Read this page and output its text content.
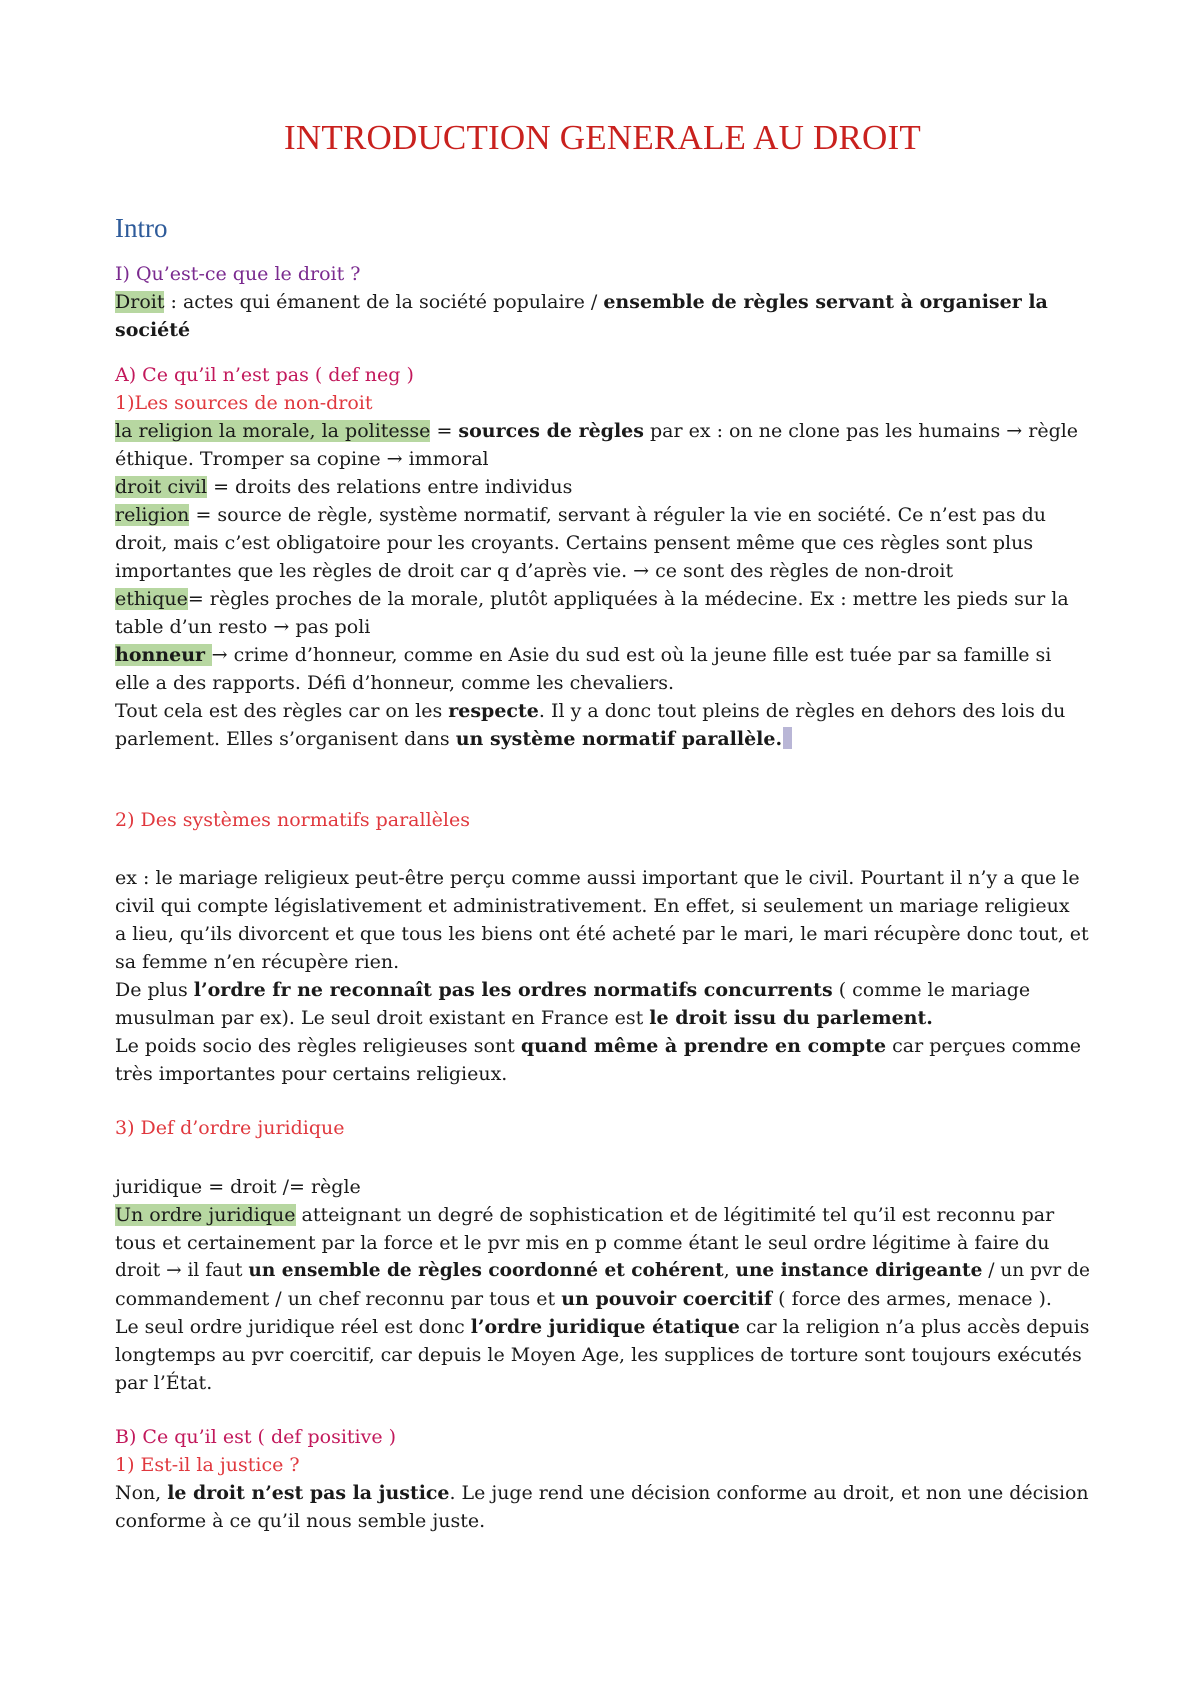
INTRODUCTION GENERALE AU DROIT
Intro

I) Qu’est-ce que le droit ?

Droit : actes qui émanent de la société populaire / ensemble de règles servant à organiser la

société

A) Ce qu’il n’est pas ( def neg )

1)Les sources de non-droit

la religion la morale, la politesse = sources de règles par ex : on ne clone pas les humains → règle

éthique. Tromper sa copine → immoral

droit civil = droits des relations entre individus

religion = source de règle, système normatif, servant à réguler la vie en société. Ce n’est pas du

droit, mais c’est obligatoire pour les croyants. Certains pensent même que ces règles sont plus

importantes que les règles de droit car q d’après vie. → ce sont des règles de non-droit

ethique= règles proches de la morale, plutôt appliquées à la médecine. Ex : mettre les pieds sur la

table d’un resto → pas poli

honneur → crime d’honneur, comme en Asie du sud est où la jeune fille est tuée par sa famille si

elle a des rapports. Défi d’honneur, comme les chevaliers.

Tout cela est des règles car on les respecte. Il y a donc tout pleins de règles en dehors des lois du

parlement. Elles s’organisent dans un système normatif parallèle.

2) Des systèmes normatifs parallèles

ex : le mariage religieux peut-être perçu comme aussi important que le civil. Pourtant il n’y a que le

civil qui compte législativement et administrativement. En effet, si seulement un mariage religieux

a lieu, qu’ils divorcent et que tous les biens ont été acheté par le mari, le mari récupère donc tout, et

sa femme n’en récupère rien.

De plus l’ordre fr ne reconnaît pas les ordres normatifs concurrents ( comme le mariage

musulman par ex). Le seul droit existant en France est le droit issu du parlement.

Le poids socio des règles religieuses sont quand même à prendre en compte car perçues comme

très importantes pour certains religieux.

3) Def d’ordre juridique

juridique = droit /= règle

Un ordre juridique atteignant un degré de sophistication et de légitimité tel qu’il est reconnu par

tous et certainement par la force et le pvr mis en p comme étant le seul ordre légitime à faire du

droit → il faut un ensemble de règles coordonné et cohérent, une instance dirigeante / un pvr de

commandement / un chef reconnu par tous et un pouvoir coercitif ( force des armes, menace ).

Le seul ordre juridique réel est donc l’ordre juridique étatique car la religion n’a plus accès depuis

longtemps au pvr coercitif, car depuis le Moyen Age, les supplices de torture sont toujours exécutés

par l’État.

B) Ce qu’il est ( def positive )

1) Est-il la justice ?

Non, le droit n’est pas la justice. Le juge rend une décision conforme au droit, et non une décision

conforme à ce qu’il nous semble juste.
